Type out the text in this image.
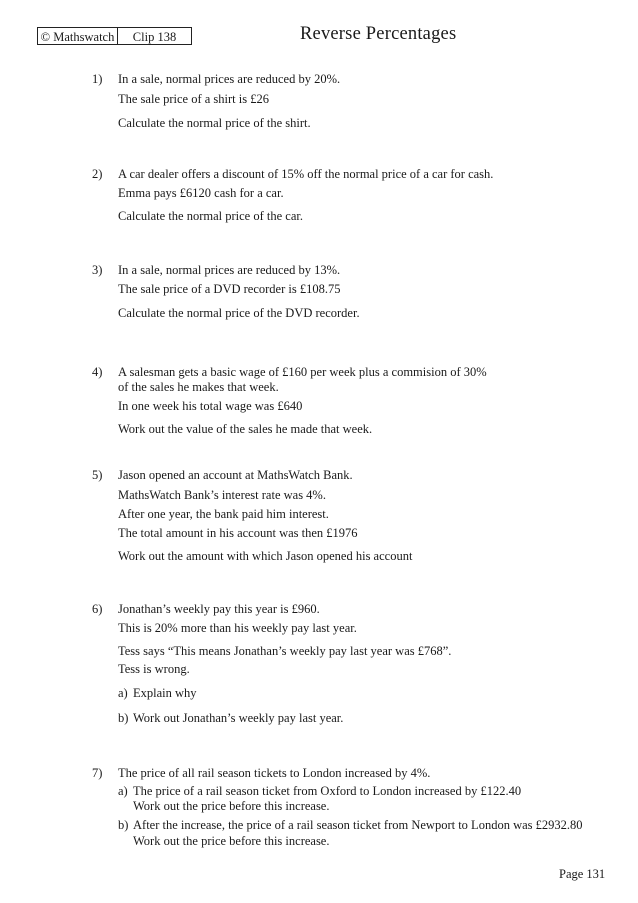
© Mathswatch	Clip 138	Reverse Percentages
1) In a sale, normal prices are reduced by 20%.
The sale price of a shirt is £26
Calculate the normal price of the shirt.
2) A car dealer offers a discount of 15% off the normal price of a car for cash.
Emma pays £6120 cash for a car.
Calculate the normal price of the car.
3) In a sale, normal prices are reduced by 13%.
The sale price of a DVD recorder is £108.75
Calculate the normal price of the DVD recorder.
4) A salesman gets a basic wage of £160 per week plus a commision of 30%
of the sales he makes that week.
In one week his total wage was £640
Work out the value of the sales he made that week.
5) Jason opened an account at MathsWatch Bank.
MathsWatch Bank’s interest rate was 4%.
After one year, the bank paid him interest.
The total amount in his account was then £1976
Work out the amount with which Jason opened his account
6) Jonathan’s weekly pay this year is £960.
This is 20% more than his weekly pay last year.
Tess says “This means Jonathan’s weekly pay last year was £768”.
Tess is wrong.
a) Explain why
b) Work out Jonathan’s weekly pay last year.
7) The price of all rail season tickets to London increased by 4%.
a) The price of a rail season ticket from Oxford to London increased by £122.40
Work out the price before this increase.
b) After the increase, the price of a rail season ticket from Newport to London was £2932.80
Work out the price before this increase.
Page 131
